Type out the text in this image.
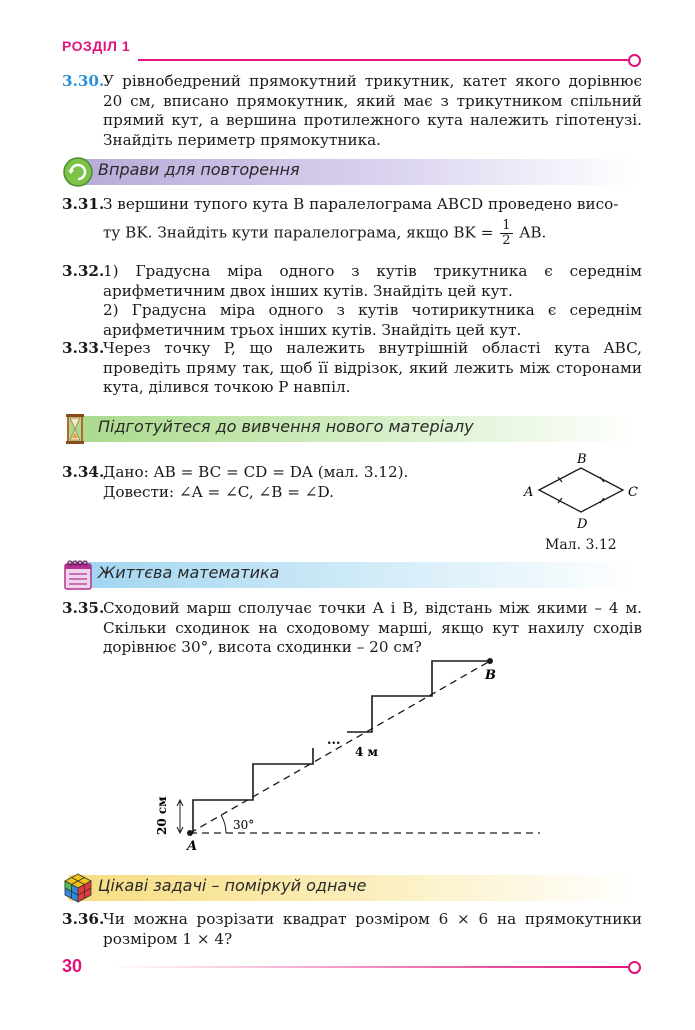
РОЗДІЛ 1
3.30.

У рівнобедрений прямокутний трикутник, катет якого дорівнює 20 см, вписано прямокутник, який має з трикутником спільний прямий кут, а вершина протилежного кута належить гіпотенузі. Знайдіть периметр прямокутника.

Вправи для повторення
3.31.

З вершини тупого кута B паралелограма ABCD проведено висо-

ту BK. Знайдіть кути паралелограма, якщо BK = $\frac{1}{2}$ AB.

3.32.

1) Градусна міра одного з кутів трикутника є середнім арифметичним двох інших кутів. Знайдіть цей кут.

2) Градусна міра одного з кутів чотирикутника є середнім арифметичним трьох інших кутів. Знайдіть цей кут.

3.33.

Через точку P, що належить внутрішній області кута ABC, проведіть пряму так, щоб її відрізок, який лежить між сторонами кута, ділився точкою P навпіл.

Підготуйтеся до вивчення нового матеріалу
3.34.

Дано: AB = BC = CD = DA (мал. 3.12).

Довести: ∠A = ∠C, ∠B = ∠D.	A
B
C
D
Мал. 3.12
Життєва математика
3.35.

Сходовий марш сполучає точки A і B, відстань між якими – 4 м. Скільки сходинок на сходовому марші, якщо кут нахилу сходів дорівнює 30°, висота сходинки – 20 см?

20 см	30°
4 м
...
A
B
Цікаві задачі – поміркуй одначе
3.36.

Чи можна розрізати квадрат розміром 6 × 6 на прямокутники розміром 1 × 4?

30
